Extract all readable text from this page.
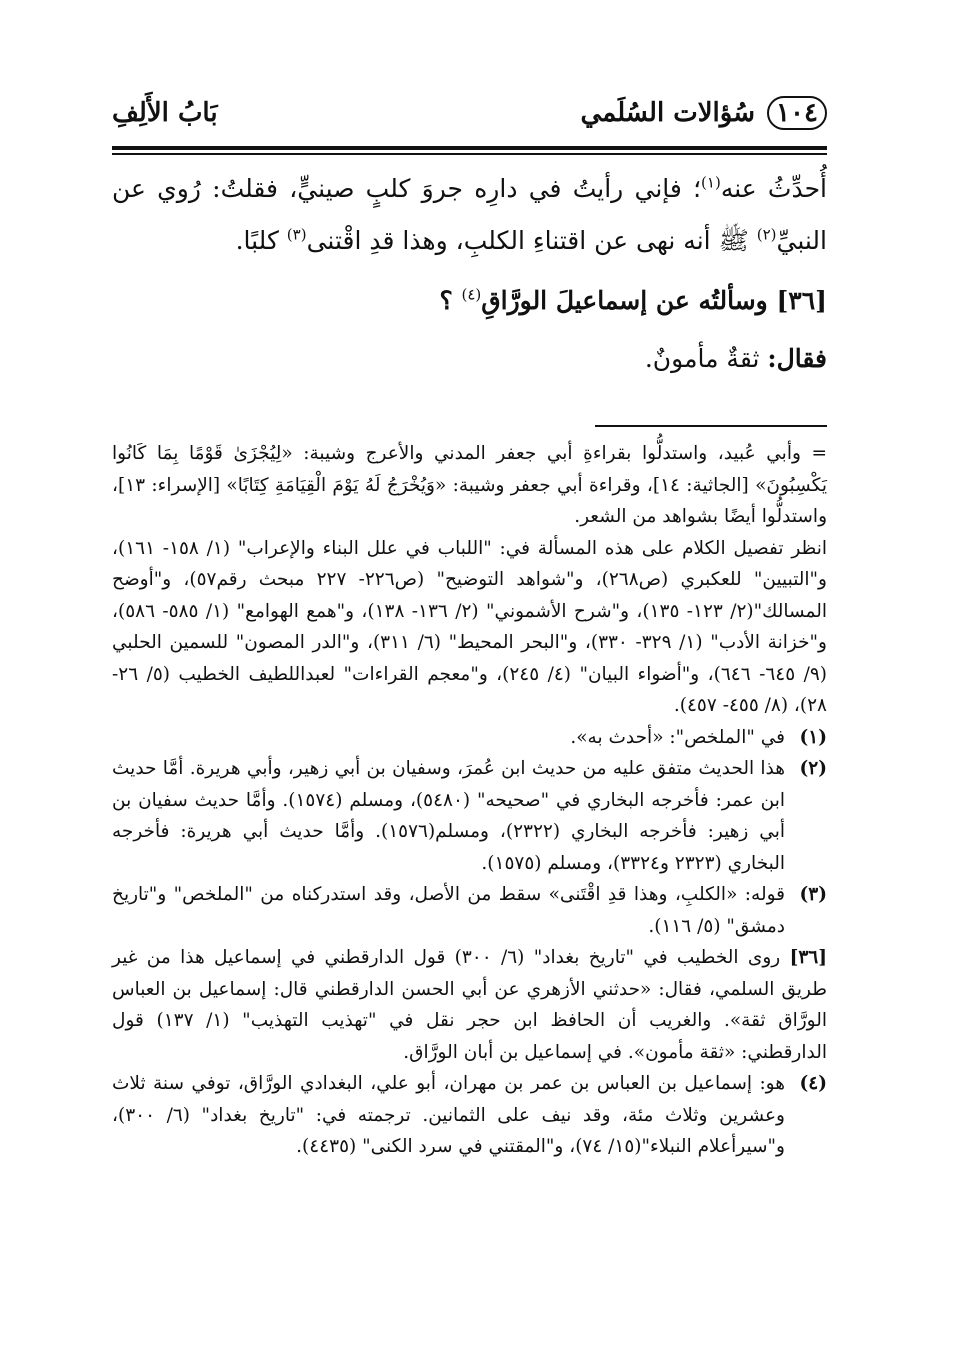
١٠٤
سُؤالات السُلَمي
بَابُ الأَلِفِ

أُحدِّثُ عنه$^{(١)}$؛ فإني رأيتُ في دارِه جروَ كلبٍ صينيٍّ، فقلتُ: رُوي عن النبيِّ$^{(٢)}$ ﷺ أنه نهى عن اقتناءِ الكلبِ، وهذا قدِ اقْتنى$^{(٣)}$ كلبًا.

[٣٦] وسألتُه عن إسماعيلَ الورَّاقِ$^{(٤)}$ ؟

فقال: ثقةٌ مأمونٌ.

= وأبي عُبيد، واستدلُّوا بقراءةِ أبي جعفر المدني والأعرج وشيبة: «لِيُجْزَىٰ قَوْمًا بِمَا كَانُوا يَكْسِبُونَ» [الجاثية: ١٤]، وقراءة أبي جعفر وشيبة: «وَيُخْرَجُ لَهُ يَوْمَ الْقِيَامَةِ كِتَابًا» [الإسراء: ١٣]، واستدلُّوا أيضًا بشواهد من الشعر.

انظر تفصيل الكلام على هذه المسألة في: "اللباب في علل البناء والإعراب" (١/ ١٥٨- ١٦١)، و"التبيين" للعكبري (ص٢٦٨)، و"شواهد التوضيح" (ص٢٢٦- ٢٢٧ مبحث رقم٥٧)، و"أوضح المسالك"(٢/ ١٢٣- ١٣٥)، و"شرح الأشموني" (٢/ ١٣٦- ١٣٨)، و"همع الهوامع" (١/ ٥٨٥- ٥٨٦)، و"خزانة الأدب" (١/ ٣٢٩- ٣٣٠)، و"البحر المحيط" (٦/ ٣١١)، و"الدر المصون" للسمين الحلبي (٩/ ٦٤٥- ٦٤٦)، و"أضواء البيان" (٤/ ٢٤٥)، و"معجم القراءات" لعبداللطيف الخطيب (٥/ ٢٦- ٢٨)، (٨/ ٤٥٥- ٤٥٧).

(١)
في "الملخص": «أحدث به».
(٢)
هذا الحديث متفق عليه من حديث ابن عُمرَ، وسفيان بن أبي زهير، وأبي هريرة. أمَّا حديث ابن عمر: فأخرجه البخاري في "صحيحه" (٥٤٨٠)، ومسلم (١٥٧٤). وأمَّا حديث سفيان بن أبي زهير: فأخرجه البخاري (٢٣٢٢)، ومسلم(١٥٧٦). وأمَّا حديث أبي هريرة: فأخرجه البخاري (٢٣٢٣ و٣٣٢٤)، ومسلم (١٥٧٥).
(٣)
قوله: «الكلبِ، وهذا قدِ اقْتَنى» سقط من الأصل، وقد استدركناه من "الملخص" و"تاريخ دمشق" (٥/ ١١٦).

[٣٦] روى الخطيب في "تاريخ بغداد" (٦/ ٣٠٠) قول الدارقطني في إسماعيل هذا من غير طريق السلمي، فقال: «حدثني الأزهري عن أبي الحسن الدارقطني قال: إسماعيل بن العباس الورَّاق ثقة». والغريب أن الحافظ ابن حجر نقل في "تهذيب التهذيب" (١/ ١٣٧) قول الدارقطني: «ثقة مأمون». في إسماعيل بن أبان الورَّاق.

(٤)
هو: إسماعيل بن العباس بن عمر بن مهران، أبو علي، البغدادي الورَّاق، توفي سنة ثلاث وعشرين وثلاث مئة، وقد نيف على الثمانين. ترجمته في: "تاريخ بغداد" (٦/ ٣٠٠)، و"سيرأعلام النبلاء"(١٥/ ٧٤)، و"المقتني في سرد الكنى" (٤٤٣٥).
